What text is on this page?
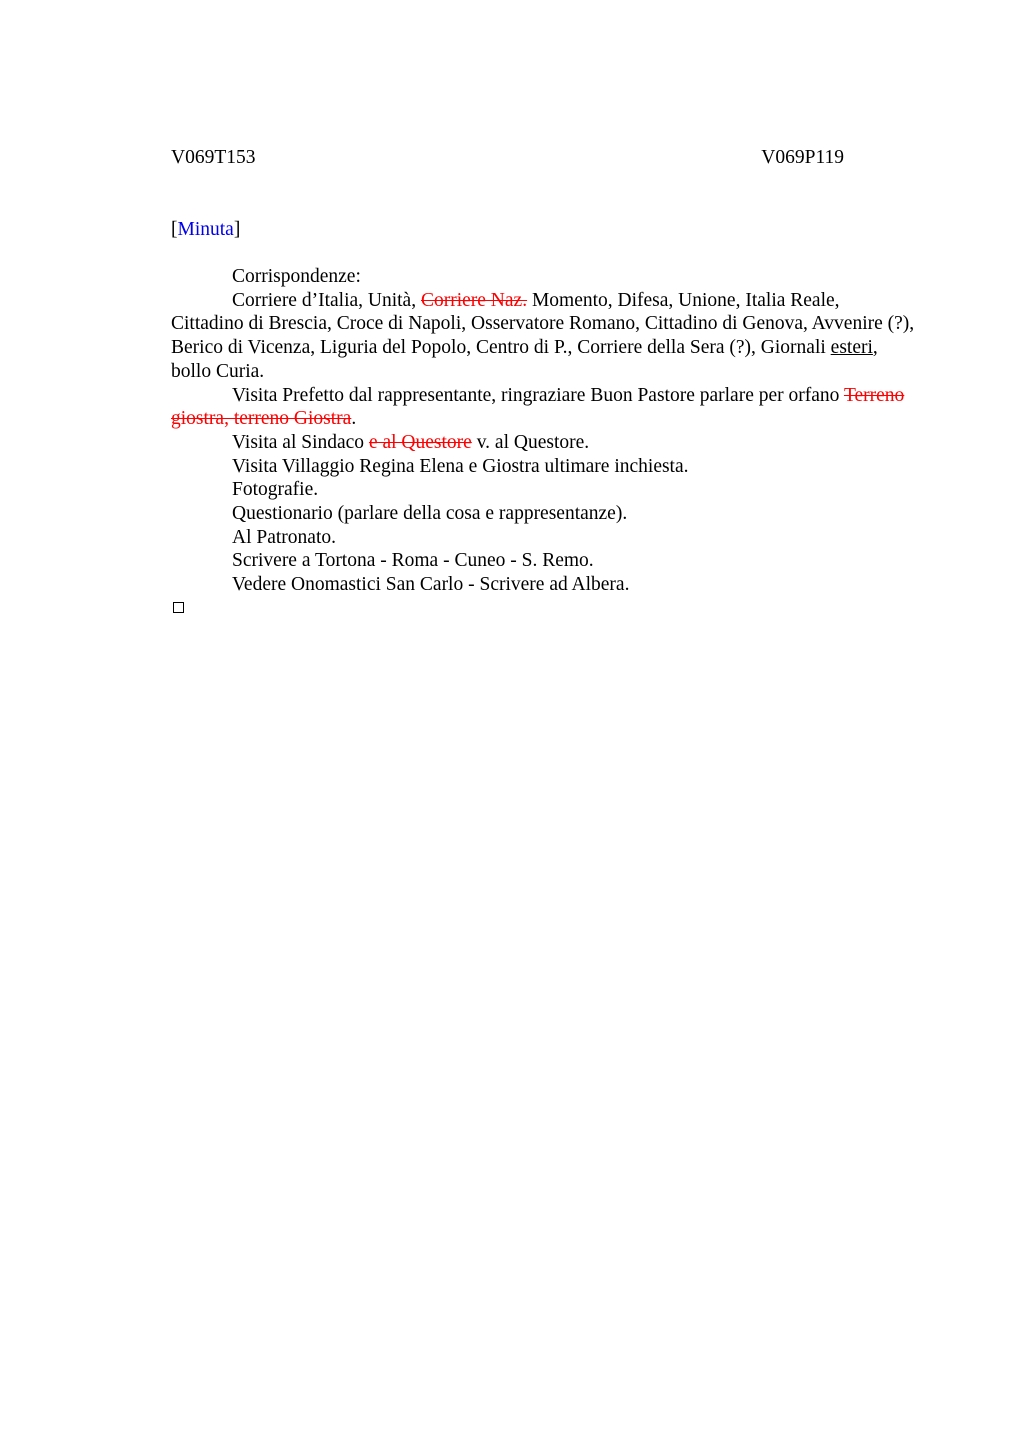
V069T153	V069P119
[Minuta]

Corrispondenze:

Corriere d’Italia, Unità, Corriere Naz. Momento, Difesa, Unione, Italia Reale, Cittadino di Brescia, Croce di Napoli, Osservatore Romano, Cittadino di Genova, Avvenire (?), Berico di Vicenza, Liguria del Popolo, Centro di P., Corriere della Sera (?), Giornali esteri, bollo Curia.

Visita Prefetto dal rappresentante, ringraziare Buon Pastore parlare per orfano Terreno giostra, terreno Giostra.

Visita al Sindaco e al Questore v. al Questore.

Visita Villaggio Regina Elena e Giostra ultimare inchiesta.

Fotografie.

Questionario (parlare della cosa e rappresentanze).

Al Patronato.

Scrivere a Tortona - Roma - Cuneo - S. Remo.

Vedere Onomastici San Carlo - Scrivere ad Albera.
